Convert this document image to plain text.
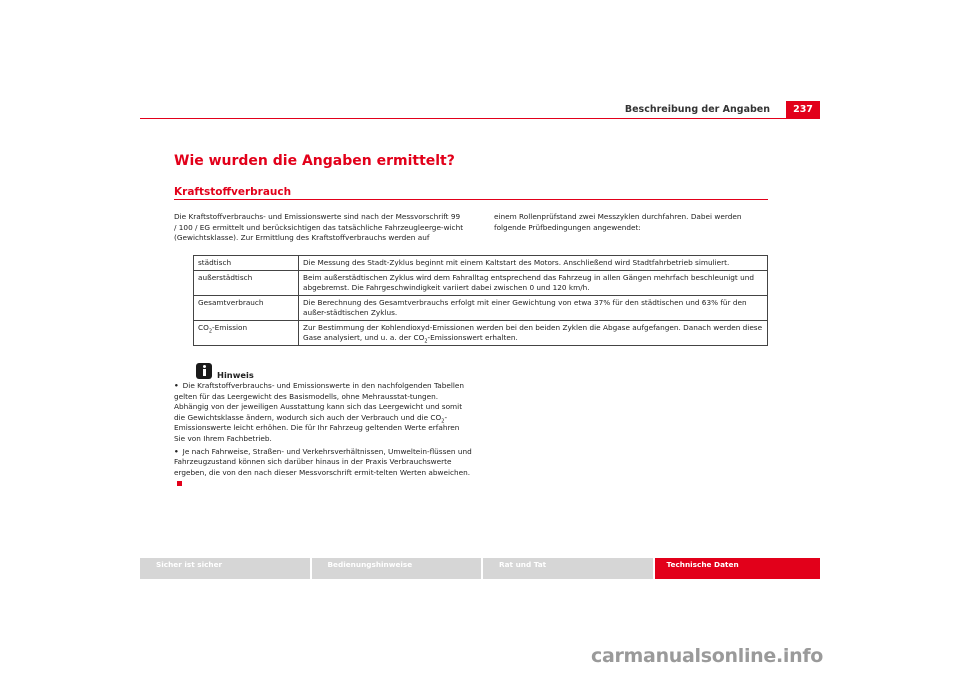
Beschreibung der Angaben	237
Wie wurden die Angaben ermittelt?
Kraftstoffverbrauch
Die Kraftstoffverbrauchs- und Emissionswerte sind nach der Messvorschrift 99 / 100 / EG ermittelt und berücksichtigen das tatsächliche Fahrzeugleerge-wicht (Gewichtsklasse). Zur Ermittlung des Kraftstoffverbrauchs werden auf
einem Rollenprüfstand zwei Messzyklen durchfahren. Dabei werden folgende Prüfbedingungen angewendet:
städtisch	Die Messung des Stadt-Zyklus beginnt mit einem Kaltstart des Motors. Anschließend wird Stadtfahrbetrieb simuliert.
außerstädtisch	Beim außerstädtischen Zyklus wird dem Fahralltag entsprechend das Fahrzeug in allen Gängen mehrfach beschleunigt und abgebremst. Die Fahrgeschwindigkeit variiert dabei zwischen 0 und 120 km/h.
Gesamtverbrauch	Die Berechnung des Gesamtverbrauchs erfolgt mit einer Gewichtung von etwa 37% für den städtischen und 63% für den außer-städtischen Zyklus.
$CO_2$-Emission	Zur Bestimmung der Kohlendioxyd-Emissionen werden bei den beiden Zyklen die Abgase aufgefangen. Danach werden diese Gase analysiert, und u. a. der $CO_2$-Emissionswert erhalten.
Hinweis

• Die Kraftstoffverbrauchs- und Emissionswerte in den nachfolgenden Tabellen gelten für das Leergewicht des Basismodells, ohne Mehrausstat-tungen. Abhängig von der jeweiligen Ausstattung kann sich das Leergewicht und somit die Gewichtsklasse ändern, wodurch sich auch der Verbrauch und die $CO_2$-Emissionswerte leicht erhöhen. Die für Ihr Fahrzeug geltenden Werte erfahren Sie von Ihrem Fachbetrieb.

• Je nach Fahrweise, Straßen- und Verkehrsverhältnissen, Umweltein-flüssen und Fahrzeugzustand können sich darüber hinaus in der Praxis Verbrauchswerte ergeben, die von den nach dieser Messvorschrift ermit-telten Werten abweichen.

Sicher ist sicher	Bedienungshinweise	Rat und Tat	Technische Daten
carmanualsonline.info
